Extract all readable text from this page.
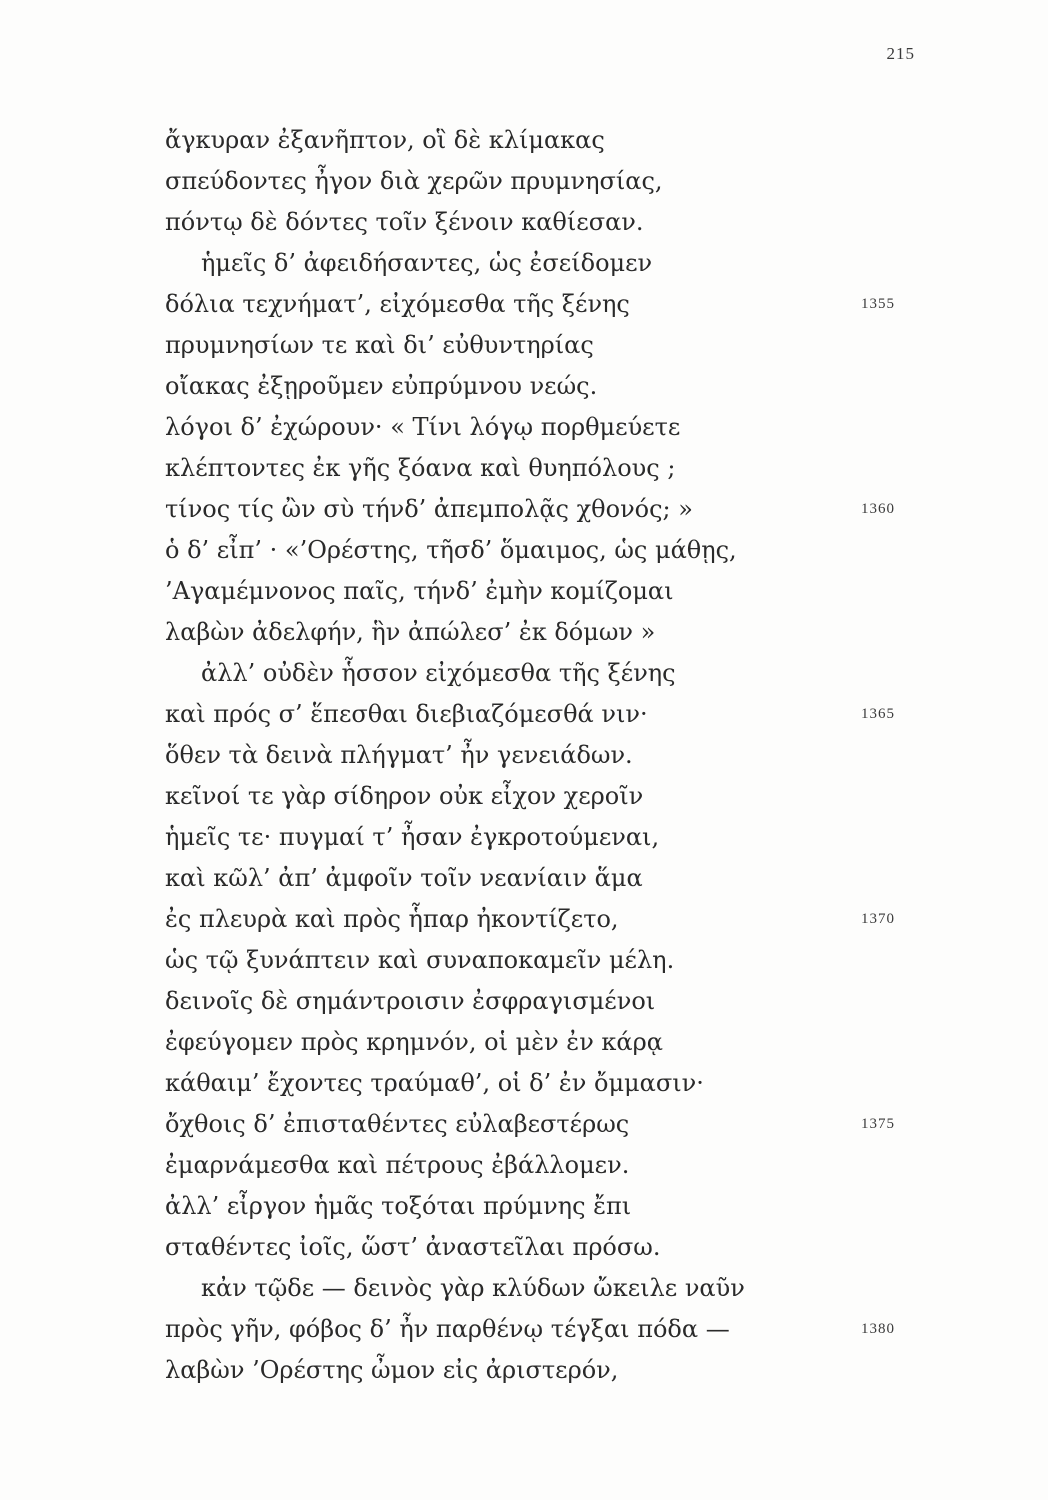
215
ἄγκυραν ἐξανῆπτον, οἳ δὲ κλίμακας
σπεύδοντες ἦγον διὰ χερῶν πρυμνησίας,
πόντῳ δὲ δόντες τοῖν ξένοιν καθίεσαν.
ἡμεῖς δ’ ἀφειδήσαντες, ὡς ἐσείδομεν
δόλια τεχνήματ’, εἰχόμεσθα τῆς ξένης	1355
πρυμνησίων τε καὶ δι’ εὐθυντηρίας
οἴακας ἐξῃροῦμεν εὐπρύμνου νεώς.
λόγοι δ’ ἐχώρουν· « Τίνι λόγῳ πορθμεύετε
κλέπτοντες ἐκ γῆς ξόανα καὶ θυηπόλους ;
τίνος τίς ὢν σὺ τήνδ’ ἀπεμπολᾷς χθονός; »	1360
ὁ δ’ εἶπ’ · «’Ορέστης, τῆσδ’ ὅμαιμος, ὡς μάθῃς,
’Αγαμέμνονος παῖς, τήνδ’ ἐμὴν κομίζομαι
λαβὼν ἀδελφήν, ἣν ἀπώλεσ’ ἐκ δόμων »
ἀλλ’ οὐδὲν ἧσσον εἰχόμεσθα τῆς ξένης
καὶ πρός σ’ ἕπεσθαι διεβιαζόμεσθά νιν·	1365
ὅθεν τὰ δεινὰ πλήγματ’ ἦν γενειάδων.
κεῖνοί τε γὰρ σίδηρον οὐκ εἶχον χεροῖν
ἡμεῖς τε· πυγμαί τ’ ἦσαν ἐγκροτούμεναι,
καὶ κῶλ’ ἀπ’ ἀμφοῖν τοῖν νεανίαιν ἅμα
ἐς πλευρὰ καὶ πρὸς ἧπαρ ἠκοντίζετο,	1370
ὡς τῷ ξυνάπτειν καὶ συναποκαμεῖν μέλη.
δεινοῖς δὲ σημάντροισιν ἐσφραγισμένοι
ἐφεύγομεν πρὸς κρημνόν, οἱ μὲν ἐν κάρᾳ
κάθαιμ’ ἔχοντες τραύμαθ’, οἱ δ’ ἐν ὄμμασιν·
ὄχθοις δ’ ἐπισταθέντες εὐλαβεστέρως	1375
ἐμαρνάμεσθα καὶ πέτρους ἐβάλλομεν.
ἀλλ’ εἶργον ἡμᾶς τοξόται πρύμνης ἔπι
σταθέντες ἰοῖς, ὥστ’ ἀναστεῖλαι πρόσω.
κἀν τῷδε — δεινὸς γὰρ κλύδων ὤκειλε ναῦν
πρὸς γῆν, φόβος δ’ ἦν παρθένῳ τέγξαι πόδα —	1380
λαβὼν ’Ορέστης ὦμον εἰς ἀριστερόν,
